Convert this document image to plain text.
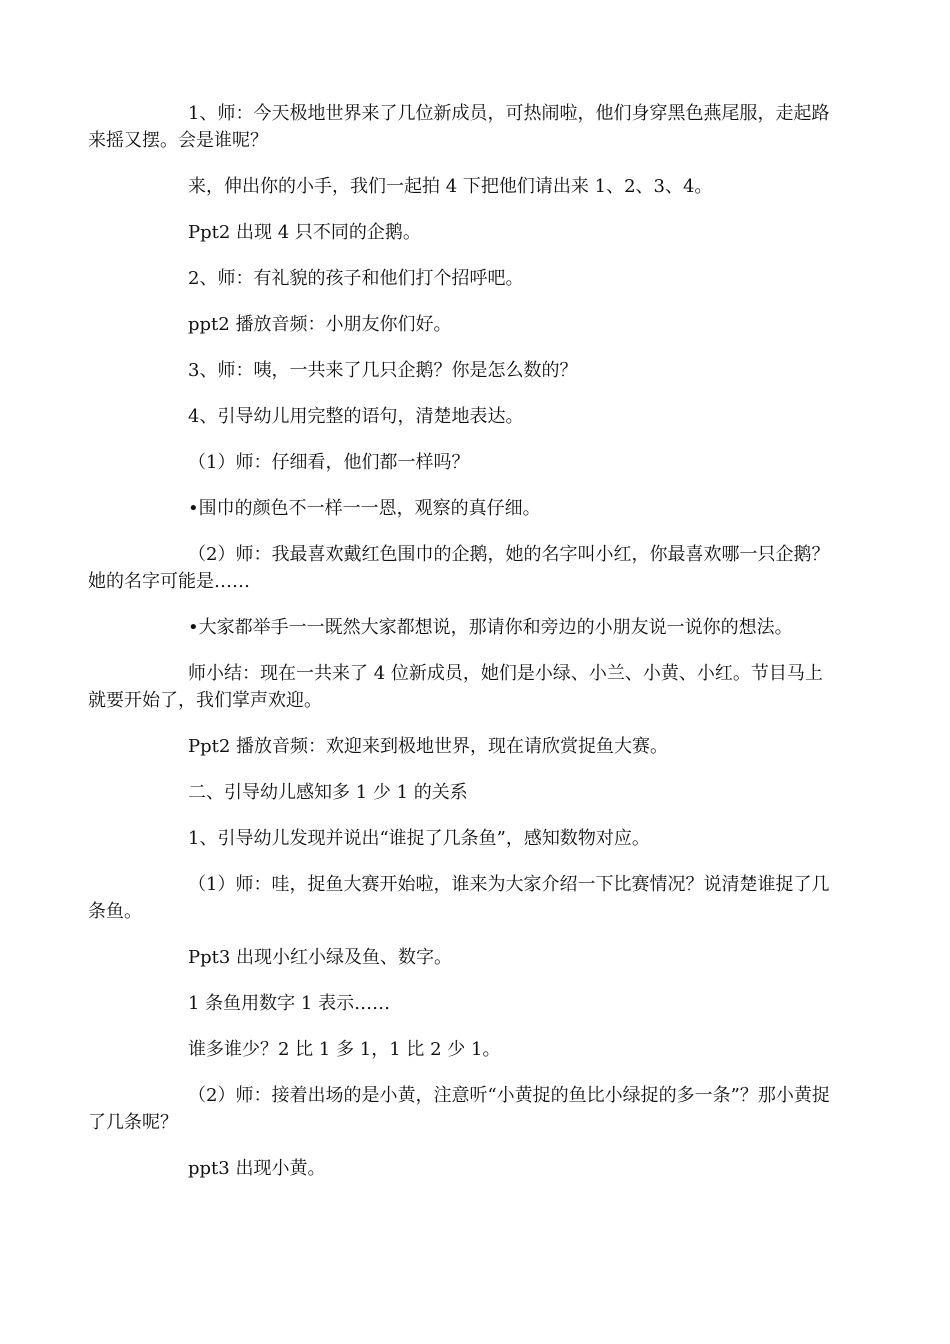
1、师：今天极地世界来了几位新成员，可热闹啦，他们身穿黑色燕尾服，走起路来摇又摆。会是谁呢？

来，伸出你的小手，我们一起拍 4 下把他们请出来 1、2、3、4。

Ppt2 出现 4 只不同的企鹅。

2、师：有礼貌的孩子和他们打个招呼吧。

ppt2 播放音频：小朋友你们好。

3、师：咦，一共来了几只企鹅？你是怎么数的？

4、引导幼儿用完整的语句，清楚地表达。

（1）师：仔细看，他们都一样吗？

•围巾的颜色不一样一一恩，观察的真仔细。

（2）师：我最喜欢戴红色围巾的企鹅，她的名字叫小红，你最喜欢哪一只企鹅？她的名字可能是……

•大家都举手一一既然大家都想说，那请你和旁边的小朋友说一说你的想法。

师小结：现在一共来了 4 位新成员，她们是小绿、小兰、小黄、小红。节目马上就要开始了，我们掌声欢迎。

Ppt2 播放音频：欢迎来到极地世界，现在请欣赏捉鱼大赛。

二、引导幼儿感知多 1 少 1 的关系

1、引导幼儿发现并说出“谁捉了几条鱼”，感知数物对应。

（1）师：哇，捉鱼大赛开始啦，谁来为大家介绍一下比赛情况？说清楚谁捉了几条鱼。

Ppt3 出现小红小绿及鱼、数字。

1 条鱼用数字 1 表示……

谁多谁少？2 比 1 多 1，1 比 2 少 1。

（2）师：接着出场的是小黄，注意听“小黄捉的鱼比小绿捉的多一条”？那小黄捉了几条呢？

ppt3 出现小黄。
